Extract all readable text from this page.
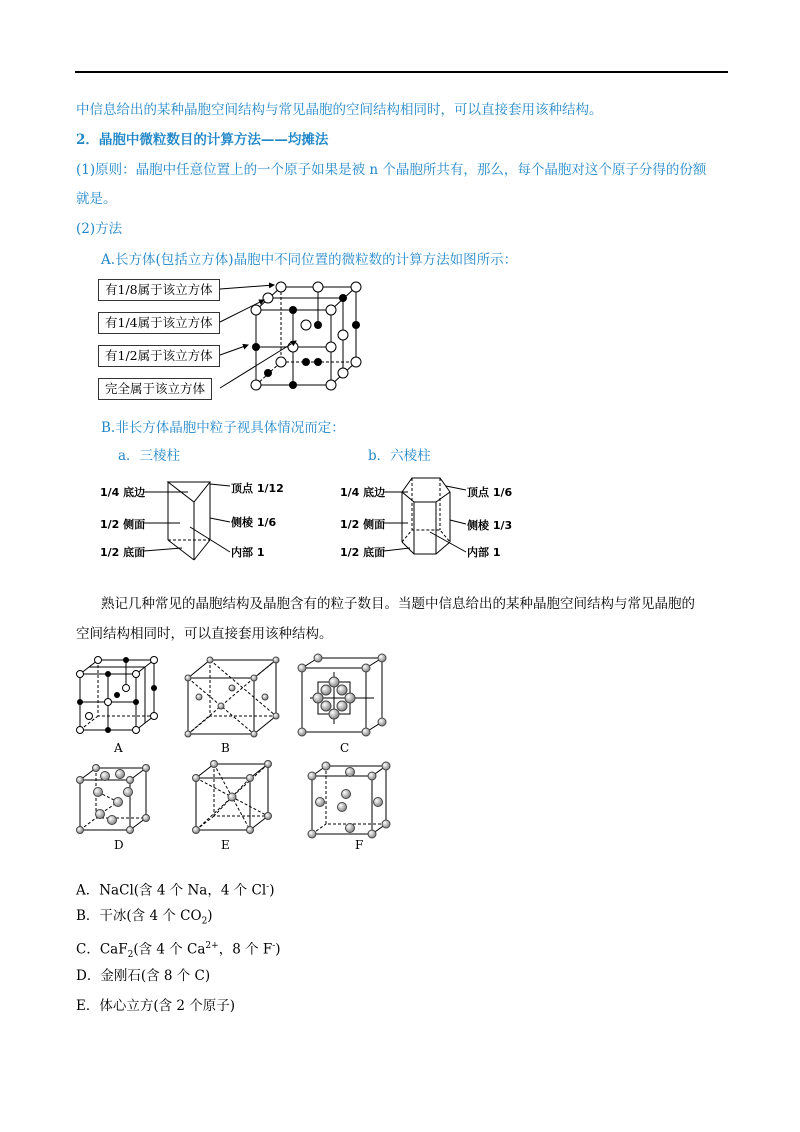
中信息给出的某种晶胞空间结构与常见晶胞的空间结构相同时，可以直接套用该种结构。
2．晶胞中微粒数目的计算方法——均摊法
(1)原则：晶胞中任意位置上的一个原子如果是被 n 个晶胞所共有，那么，每个晶胞对这个原子分得的份额
就是。
(2)方法
A.长方体(包括立方体)晶胞中不同位置的微粒数的计算方法如图所示：
有1/8属于该立方体
有1/4属于该立方体
有1/2属于该立方体
完全属于该立方体
B.非长方体晶胞中粒子视具体情况而定：
a．三棱柱	b．六棱柱
1/4 底边
1/2 侧面
1/2 底面
顶点 1/12
侧棱 1/6
内部 1
1/4 底边
1/2 侧面
1/2 底面
顶点 1/6
侧棱 1/3
内部 1
熟记几种常见的晶胞结构及晶胞含有的粒子数目。当题中信息给出的某种晶胞空间结构与常见晶胞的
空间结构相同时，可以直接套用该种结构。
A	B	C
D	E	F
A．NaCl(含 4 个 Na，4 个 Cl-)
B．干冰(含 4 个 $CO_2$)
C．CaF$_2$(含 4 个 $Ca^{2+}$，8 个 F-)
D．金刚石(含 8 个 C)
E．体心立方(含 2 个原子)
